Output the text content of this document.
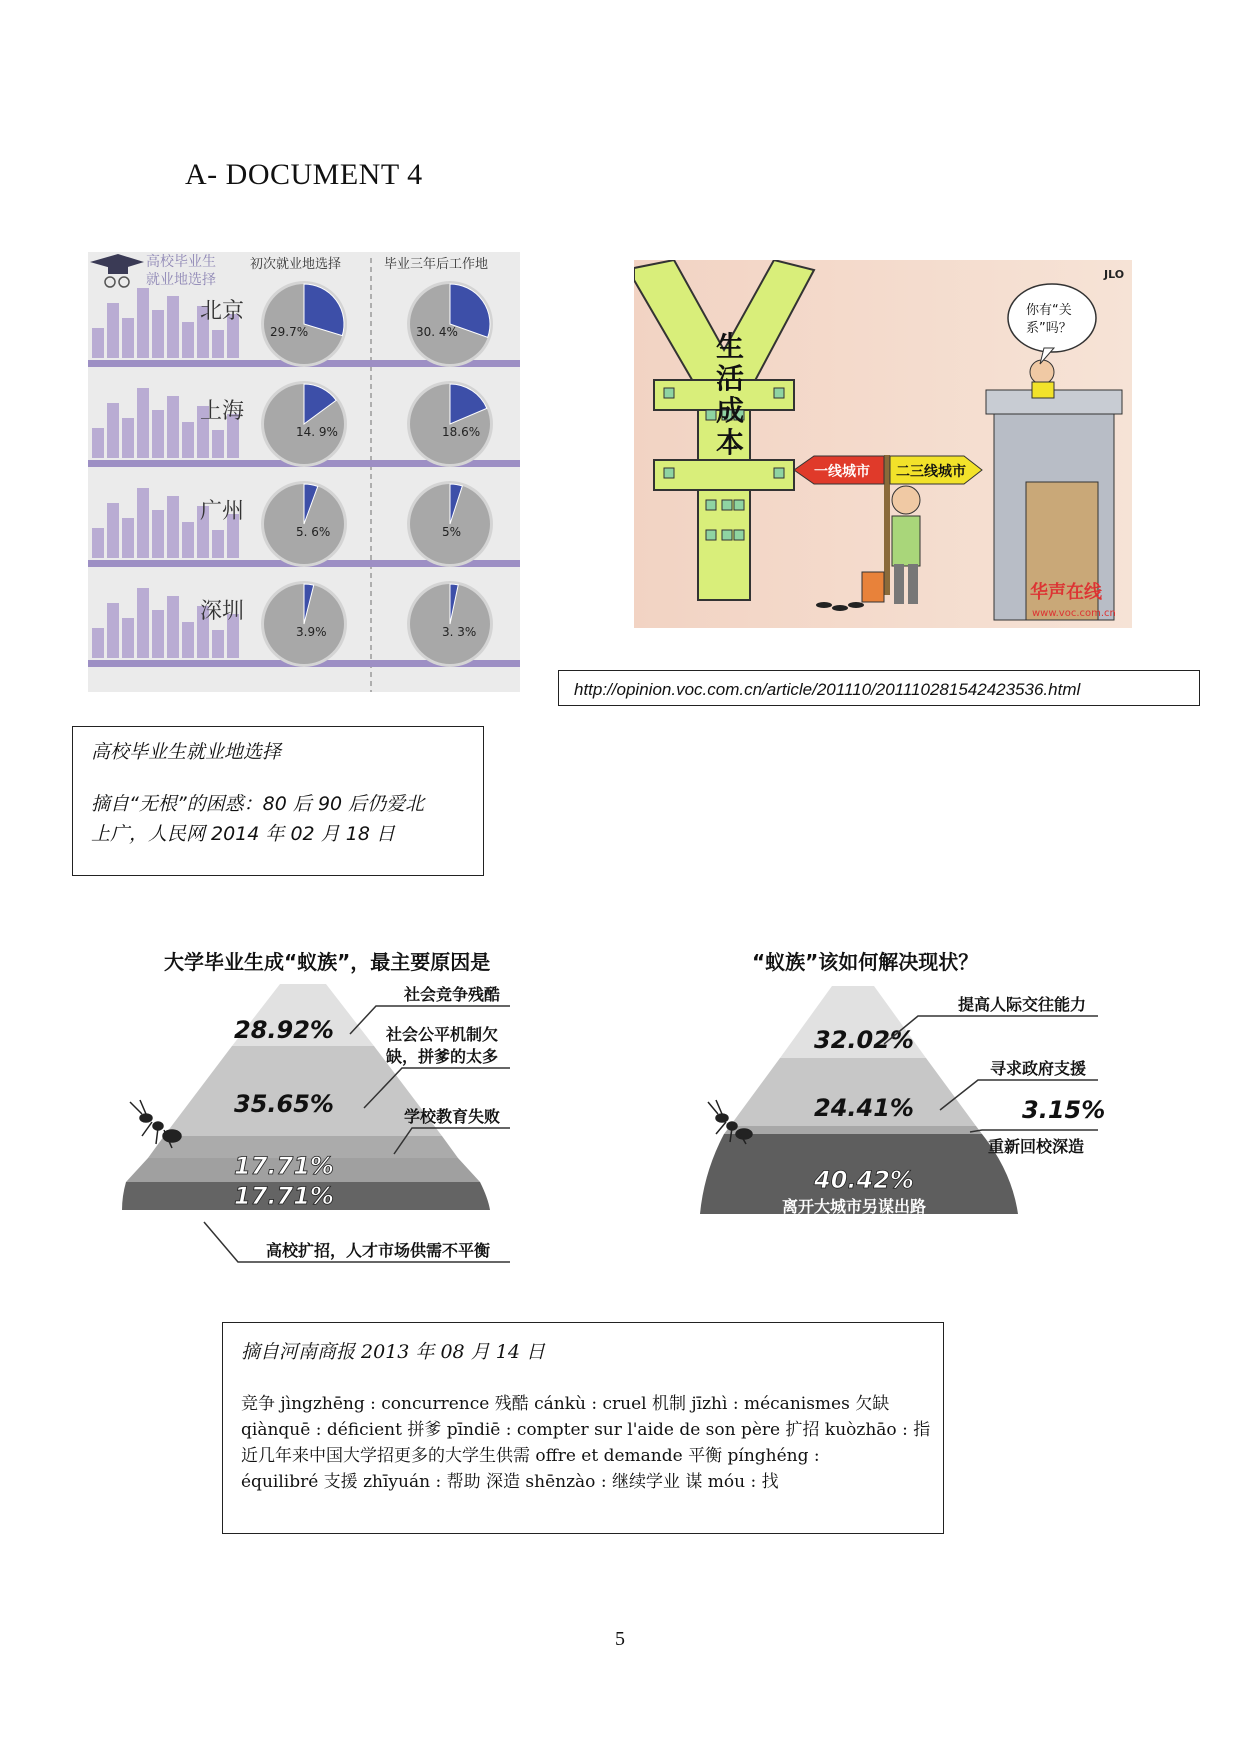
A- DOCUMENT 4
高校毕业生
就业地选择
初次就业地选择	毕业三年后工作地
北京
29.7%	30. 4%
上海
14. 9%	18.6%
广州
5. 6%	5%
深圳
3.9%	3. 3%
生
活
成
本
一线城市 二三线城市
你有“关
系”吗？
JLO
华声在线
www.voc.com.cn
http://opinion.voc.com.cn/article/201110/201110281542423536.html
高校毕业生就业地选择
摘自“无根”的困惑：80 后 90 后仍爱北
上广，人民网 2014 年 02 月 18 日
大学毕业生成“蚁族”，最主要原因是
28.92%
35.65%
17.71%
17.71%
社会竞争残酷
社会公平机制欠
缺，拼爹的太多
学校教育失败
高校扩招，人才市场供需不平衡
“蚁族”该如何解决现状？
32.02%
24.41%	3.15%
40.42%
离开大城市另谋出路
提高人际交往能力
寻求政府支援
重新回校深造
摘自河南商报 2013 年 08 月 14 日
竞争 jìngzhēng : concurrence 残酷 cánkù : cruel 机制 jīzhì : mécanismes 欠缺
qiànquē : déficient 拼爹 pīndiē : compter sur l'aide de son père 扩招 kuòzhāo : 指
近几年来中国大学招更多的大学生供需 offre et demande 平衡 pínghéng :
équilibré 支援 zhīyuán : 帮助 深造 shēnzào : 继续学业 谋 móu : 找
5
